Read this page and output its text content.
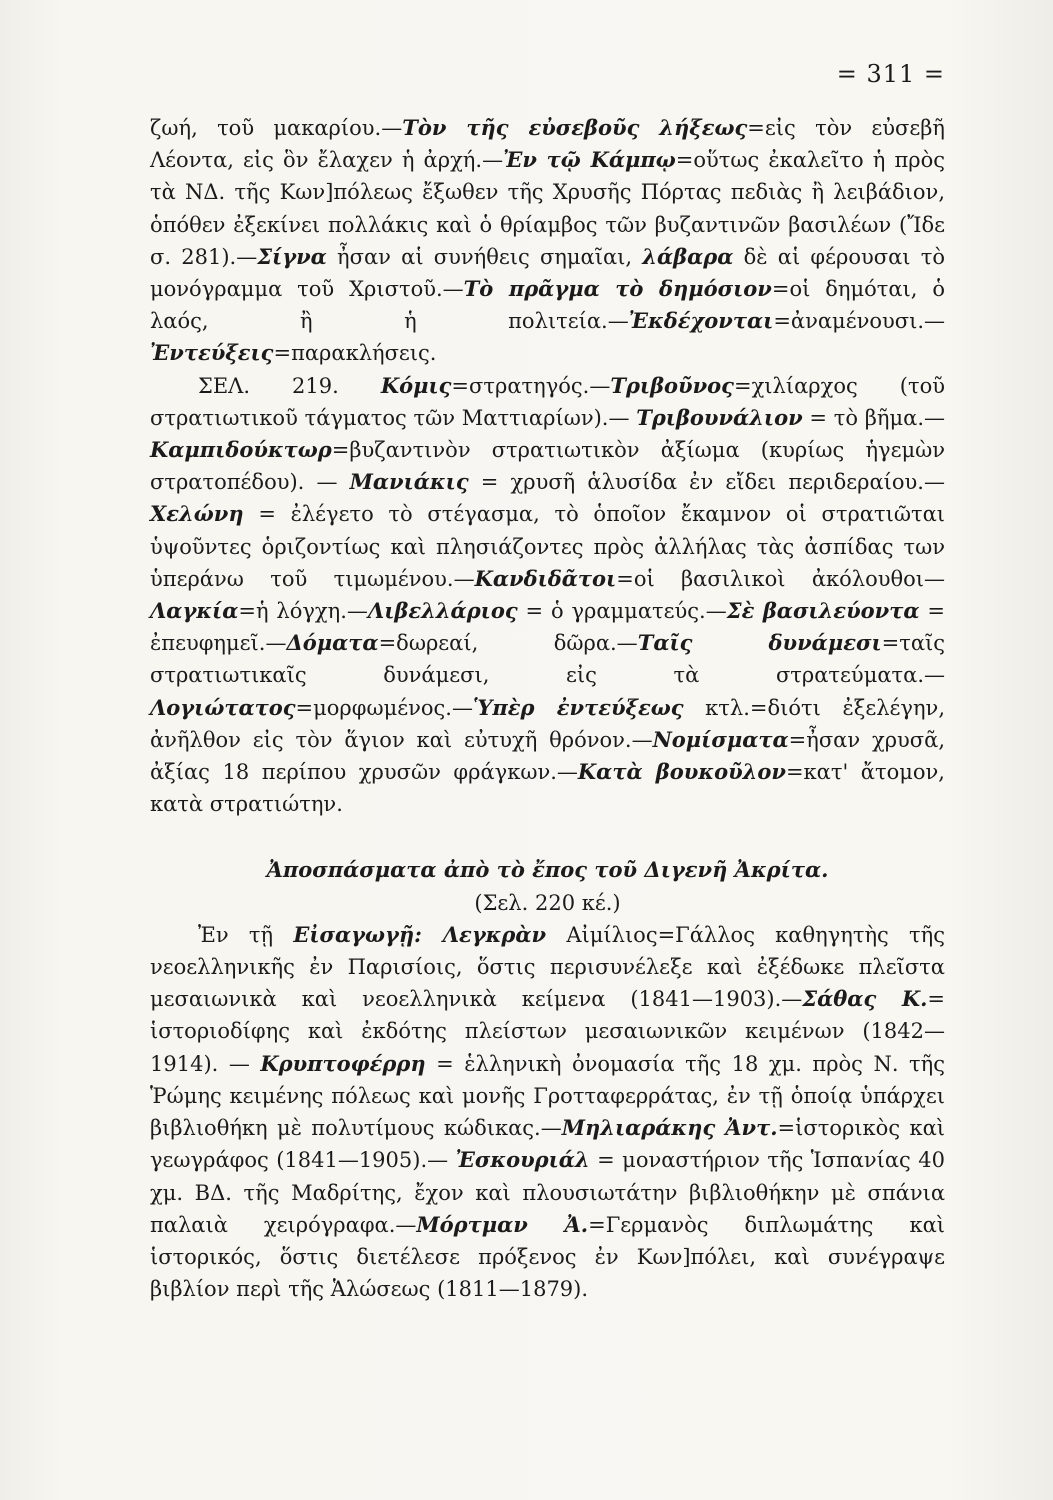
= 311 =

ζωή, τοῦ μακαρίου.—Τὸν τῆς εὐσεβοῦς λήξεως=εἰς τὸν εὐσεβῆ Λέοντα, εἰς ὃν ἔλαχεν ἡ ἀρχή.—Ἐν τῷ Κάμπῳ=οὕτως ἐκαλεῖτο ἡ πρὸς τὰ ΝΔ. τῆς Κων]πόλεως ἔξωθεν τῆς Χρυσῆς Πόρτας πεδιὰς ἢ λειβάδιον, ὁπόθεν ἐξεκίνει πολλάκις καὶ ὁ θρίαμβος τῶν βυζαντινῶν βασιλέων (Ἴδε σ. 281).—Σίγνα ἦσαν αἱ συνήθεις σημαῖαι, λάβαρα δὲ αἱ φέρουσαι τὸ μονόγραμμα τοῦ Χριστοῦ.—Τὸ πρᾶγμα τὸ δημόσιον=οἱ δημόται, ὁ λαός, ἢ ἡ πολιτεία.—Ἐκδέχονται=ἀναμένουσι.— Ἐντεύξεις=παρακλήσεις.

ΣΕΛ. 219. Κόμις=στρατηγός.—Τριβοῦνος=χιλίαρχος (τοῦ στρατιωτικοῦ τάγματος τῶν Ματτιαρίων).— Τριβουνάλιον = τὸ βῆμα.— Καμπιδούκτωρ=βυζαντινὸν στρατιωτικὸν ἀξίωμα (κυρίως ἡγεμὼν στρατοπέδου). — Μανιάκις = χρυσῆ ἁλυσίδα ἐν εἴδει περιδεραίου.—Χελώνη = ἐλέγετο τὸ στέγασμα, τὸ ὁποῖον ἔκαμνον οἱ στρατιῶται ὑψοῦντες ὁριζοντίως καὶ πλησιάζοντες πρὸς ἀλλήλας τὰς ἀσπίδας των ὑπεράνω τοῦ τιμωμένου.—Κανδιδᾶτοι=οἱ βασιλικοὶ ἀκόλουθοι—Λαγκία=ἡ λόγχη.—Λιβελλάριος = ὁ γραμματεύς.—Σὲ βασιλεύοντα = ἐπευφημεῖ.—Δόματα=δωρεαί, δῶρα.—Ταῖς δυνάμεσι=ταῖς στρατιωτικαῖς δυνάμεσι, εἰς τὰ στρατεύματα.—Λογιώτατος=μορφωμένος.—Ὑπὲρ ἐντεύξεως κτλ.=διότι ἐξελέγην, ἀνῆλθον εἰς τὸν ἅγιον καὶ εὐτυχῆ θρόνον.—Νομίσματα=ἦσαν χρυσᾶ, ἀξίας 18 περίπου χρυσῶν φράγκων.—Κατὰ βουκοῦλον=κατ' ἄτομον, κατὰ στρατιώτην.

Ἀποσπάσματα ἀπὸ τὸ ἔπος τοῦ Διγενῆ Ἀκρίτα.

(Σελ. 220 κέ.)

Ἐν τῇ Εἰσαγωγῇ: Λεγκρὰν Αἰμίλιος=Γάλλος καθηγητὴς τῆς νεοελληνικῆς ἐν Παρισίοις, ὅστις περισυνέλεξε καὶ ἐξέδωκε πλεῖστα μεσαιωνικὰ καὶ νεοελληνικὰ κείμενα (1841—1903).—Σάθας Κ.= ἱστοριοδίφης καὶ ἐκδότης πλείστων μεσαιωνικῶν κειμένων (1842—1914). — Κρυπτοφέρρη = ἑλληνικὴ ὀνομασία τῆς 18 χμ. πρὸς Ν. τῆς Ῥώμης κειμένης πόλεως καὶ μονῆς Γροτταφερράτας, ἐν τῇ ὁποίᾳ ὑπάρχει βιβλιοθήκη μὲ πολυτίμους κώδικας.—Μηλιαράκης Ἀντ.=ἱστορικὸς καὶ γεωγράφος (1841—1905).— Ἐσκουριάλ = μοναστήριον τῆς Ἱσπανίας 40 χμ. ΒΔ. τῆς Μαδρίτης, ἔχον καὶ πλουσιωτάτην βιβλιοθήκην μὲ σπάνια παλαιὰ χειρόγραφα.—Μόρτμαν Ἀ.=Γερμανὸς διπλωμάτης καὶ ἱστορικός, ὅστις διετέλεσε πρόξενος ἐν Κων]πόλει, καὶ συνέγραψε βιβλίον περὶ τῆς Ἁλώσεως (1811—1879).
